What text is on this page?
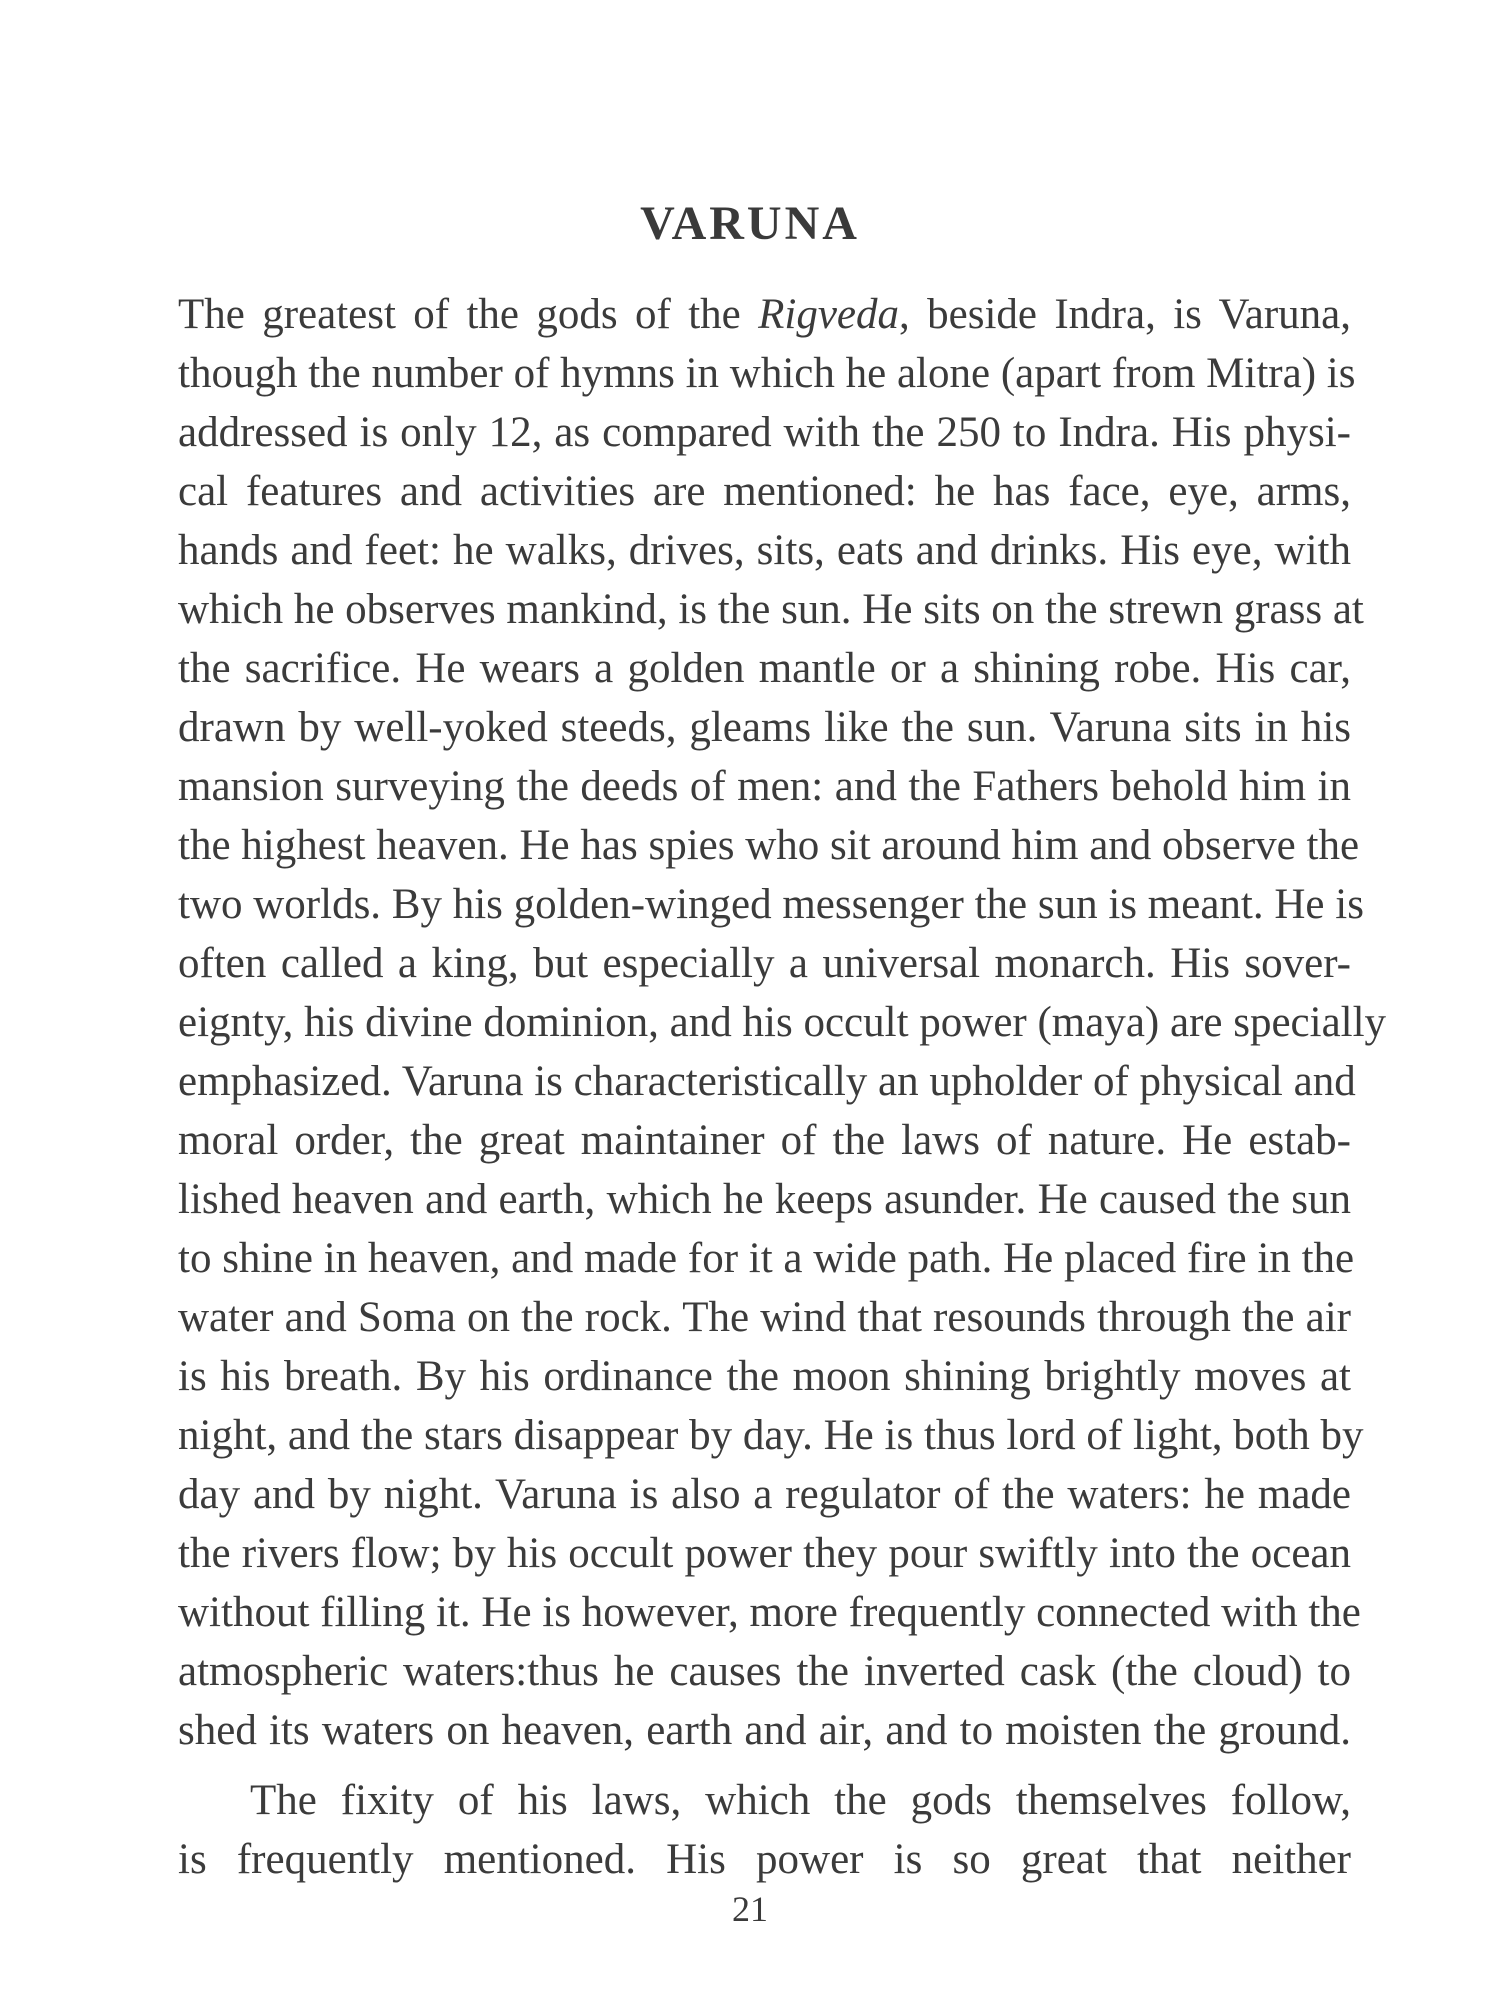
VARUNA
The greatest of the gods of the Rigveda, beside Indra, is Varuna,
though the number of hymns in which he alone (apart from Mitra) is
addressed is only 12, as compared with the 250 to Indra. His physi-
cal features and activities are mentioned: he has face, eye, arms,
hands and feet: he walks, drives, sits, eats and drinks. His eye, with
which he observes mankind, is the sun. He sits on the strewn grass at
the sacrifice. He wears a golden mantle or a shining robe. His car,
drawn by well-yoked steeds, gleams like the sun. Varuna sits in his
mansion surveying the deeds of men: and the Fathers behold him in
the highest heaven. He has spies who sit around him and observe the
two worlds. By his golden-winged messenger the sun is meant. He is
often called a king, but especially a universal monarch. His sover-
eignty, his divine dominion, and his occult power (maya) are specially
emphasized. Varuna is characteristically an upholder of physical and
moral order, the great maintainer of the laws of nature. He estab-
lished heaven and earth, which he keeps asunder. He caused the sun
to shine in heaven, and made for it a wide path. He placed fire in the
water and Soma on the rock. The wind that resounds through the air
is his breath. By his ordinance the moon shining brightly moves at
night, and the stars disappear by day. He is thus lord of light, both by
day and by night. Varuna is also a regulator of the waters: he made
the rivers flow; by his occult power they pour swiftly into the ocean
without filling it. He is however, more frequently connected with the
atmospheric waters:thus he causes the inverted cask (the cloud) to
shed its waters on heaven, earth and air, and to moisten the ground.
The fixity of his laws, which the gods themselves follow,
is frequently mentioned. His power is so great that neither
21
